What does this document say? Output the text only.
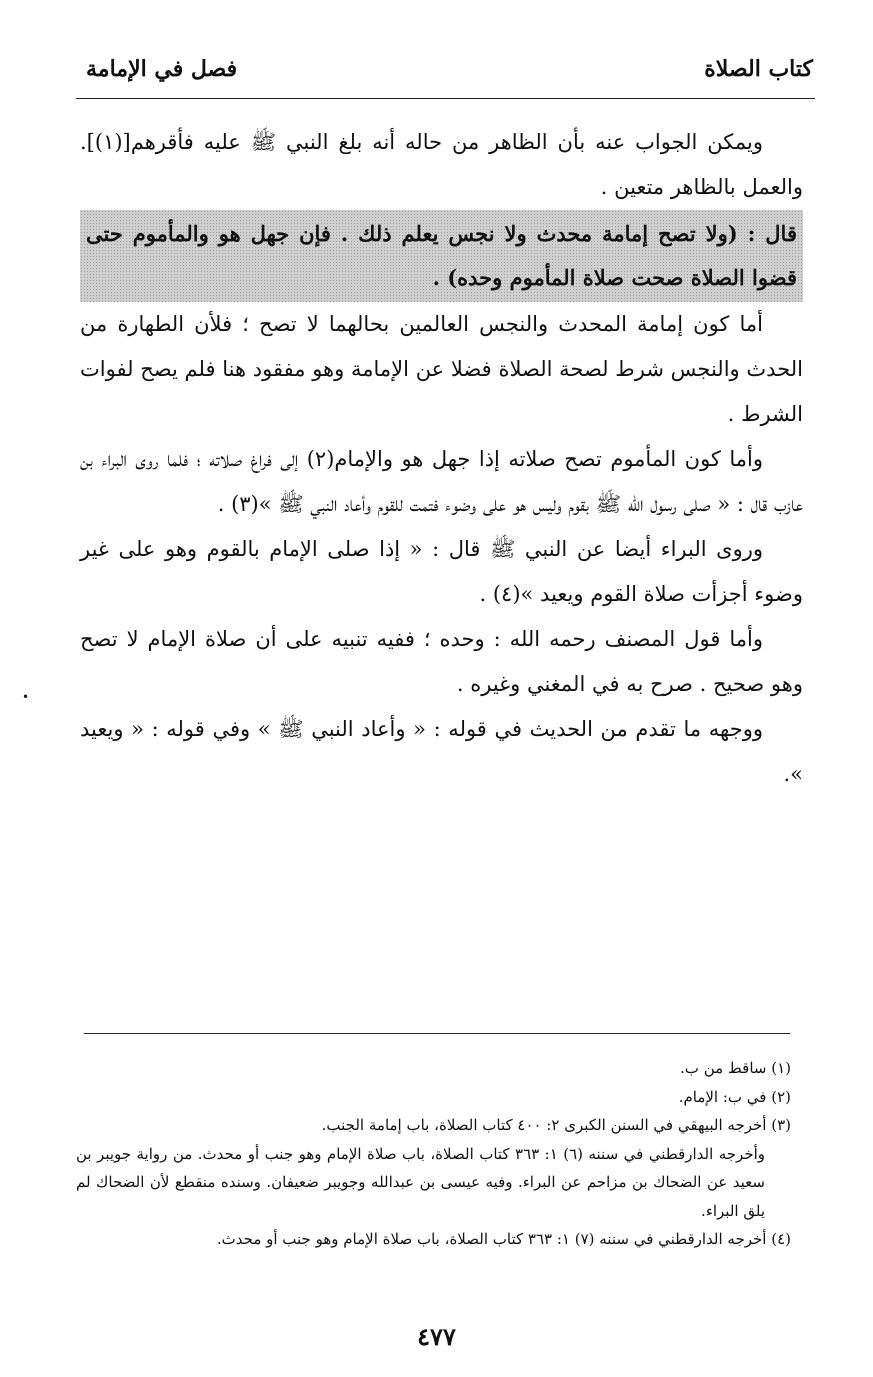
كتاب الصلاة
فصل في الإمامة

ويمكن الجواب عنه بأن الظاهر من حاله أنه بلغ النبي ﷺ عليه فأقرهم[(١)]. والعمل بالظاهر متعين .

قال : (ولا تصح إمامة محدث ولا نجس يعلم ذلك . فإن جهل هو والمأموم حتى قضوا الصلاة صحت صلاة المأموم وحده) .

أما كون إمامة المحدث والنجس العالمين بحالهما لا تصح ؛ فلأن الطهارة من الحدث والنجس شرط لصحة الصلاة فضلا عن الإمامة وهو مفقود هنا فلم يصح لفوات الشرط .

وأما كون المأموم تصح صلاته إذا جهل هو والإمام(٢) إلى فراغ صلاته ؛ فلما روى البراء بن عازب قال : « صلى رسول الله ﷺ بقوم وليس هو على وضوء فتمت للقوم وأعاد النبي ﷺ »(٣) .

وروى البراء أيضا عن النبي ﷺ قال : « إذا صلى الإمام بالقوم وهو على غير وضوء أجزأت صلاة القوم ويعيد »(٤) .

وأما قول المصنف رحمه الله : وحده ؛ ففيه تنبيه على أن صلاة الإمام لا تصح وهو صحيح . صرح به في المغني وغيره .

ووجهه ما تقدم من الحديث في قوله : « وأعاد النبي ﷺ » وفي قوله : « ويعيد ».

(١) ساقط من ب.

(٢) في ب: الإمام.

(٣) أخرجه البيهقي في السنن الكبرى ٢: ٤٠٠ كتاب الصلاة، باب إمامة الجنب.

وأخرجه الدارقطني في سننه (٦) ١: ٣٦٣ كتاب الصلاة، باب صلاة الإمام وهو جنب أو محدث. من رواية جويبر بن سعيد عن الضحاك بن مزاحم عن البراء. وفيه عيسى بن عبدالله وجويبر ضعيفان. وسنده منقطع لأن الضحاك لم يلق البراء.

(٤) أخرجه الدارقطني في سننه (٧) ١: ٣٦٣ كتاب الصلاة، باب صلاة الإمام وهو جنب أو محدث.

٤٧٧
•
